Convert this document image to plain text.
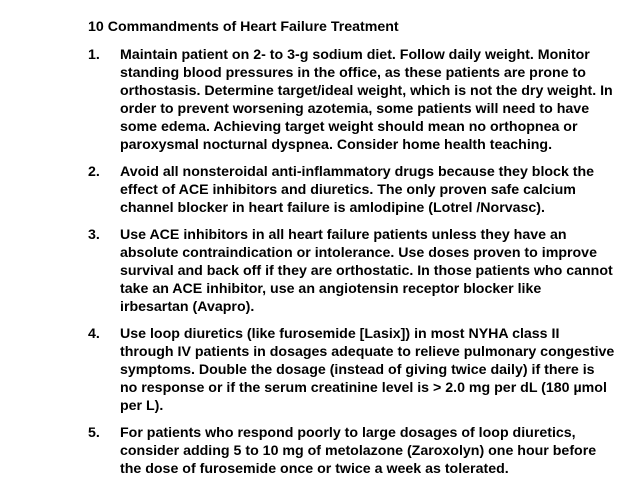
10 Commandments of Heart Failure Treatment
1. Maintain patient on 2- to 3-g sodium diet. Follow daily weight. Monitor
standing blood pressures in the office, as these patients are prone to
orthostasis. Determine target/ideal weight, which is not the dry weight. In
order to prevent worsening azotemia, some patients will need to have
some edema. Achieving target weight should mean no orthopnea or
paroxysmal nocturnal dyspnea. Consider home health teaching.
2. Avoid all nonsteroidal anti-inflammatory drugs because they block the
effect of ACE inhibitors and diuretics. The only proven safe calcium
channel blocker in heart failure is amlodipine (Lotrel /Norvasc).
3. Use ACE inhibitors in all heart failure patients unless they have an
absolute contraindication or intolerance. Use doses proven to improve
survival and back off if they are orthostatic. In those patients who cannot
take an ACE inhibitor, use an angiotensin receptor blocker like
irbesartan (Avapro).
4. Use loop diuretics (like furosemide [Lasix]) in most NYHA class II
through IV patients in dosages adequate to relieve pulmonary congestive
symptoms. Double the dosage (instead of giving twice daily) if there is
no response or if the serum creatinine level is > 2.0 mg per dL (180 µmol
per L).
5. For patients who respond poorly to large dosages of loop diuretics,
consider adding 5 to 10 mg of metolazone (Zaroxolyn) one hour before
the dose of furosemide once or twice a week as tolerated.
